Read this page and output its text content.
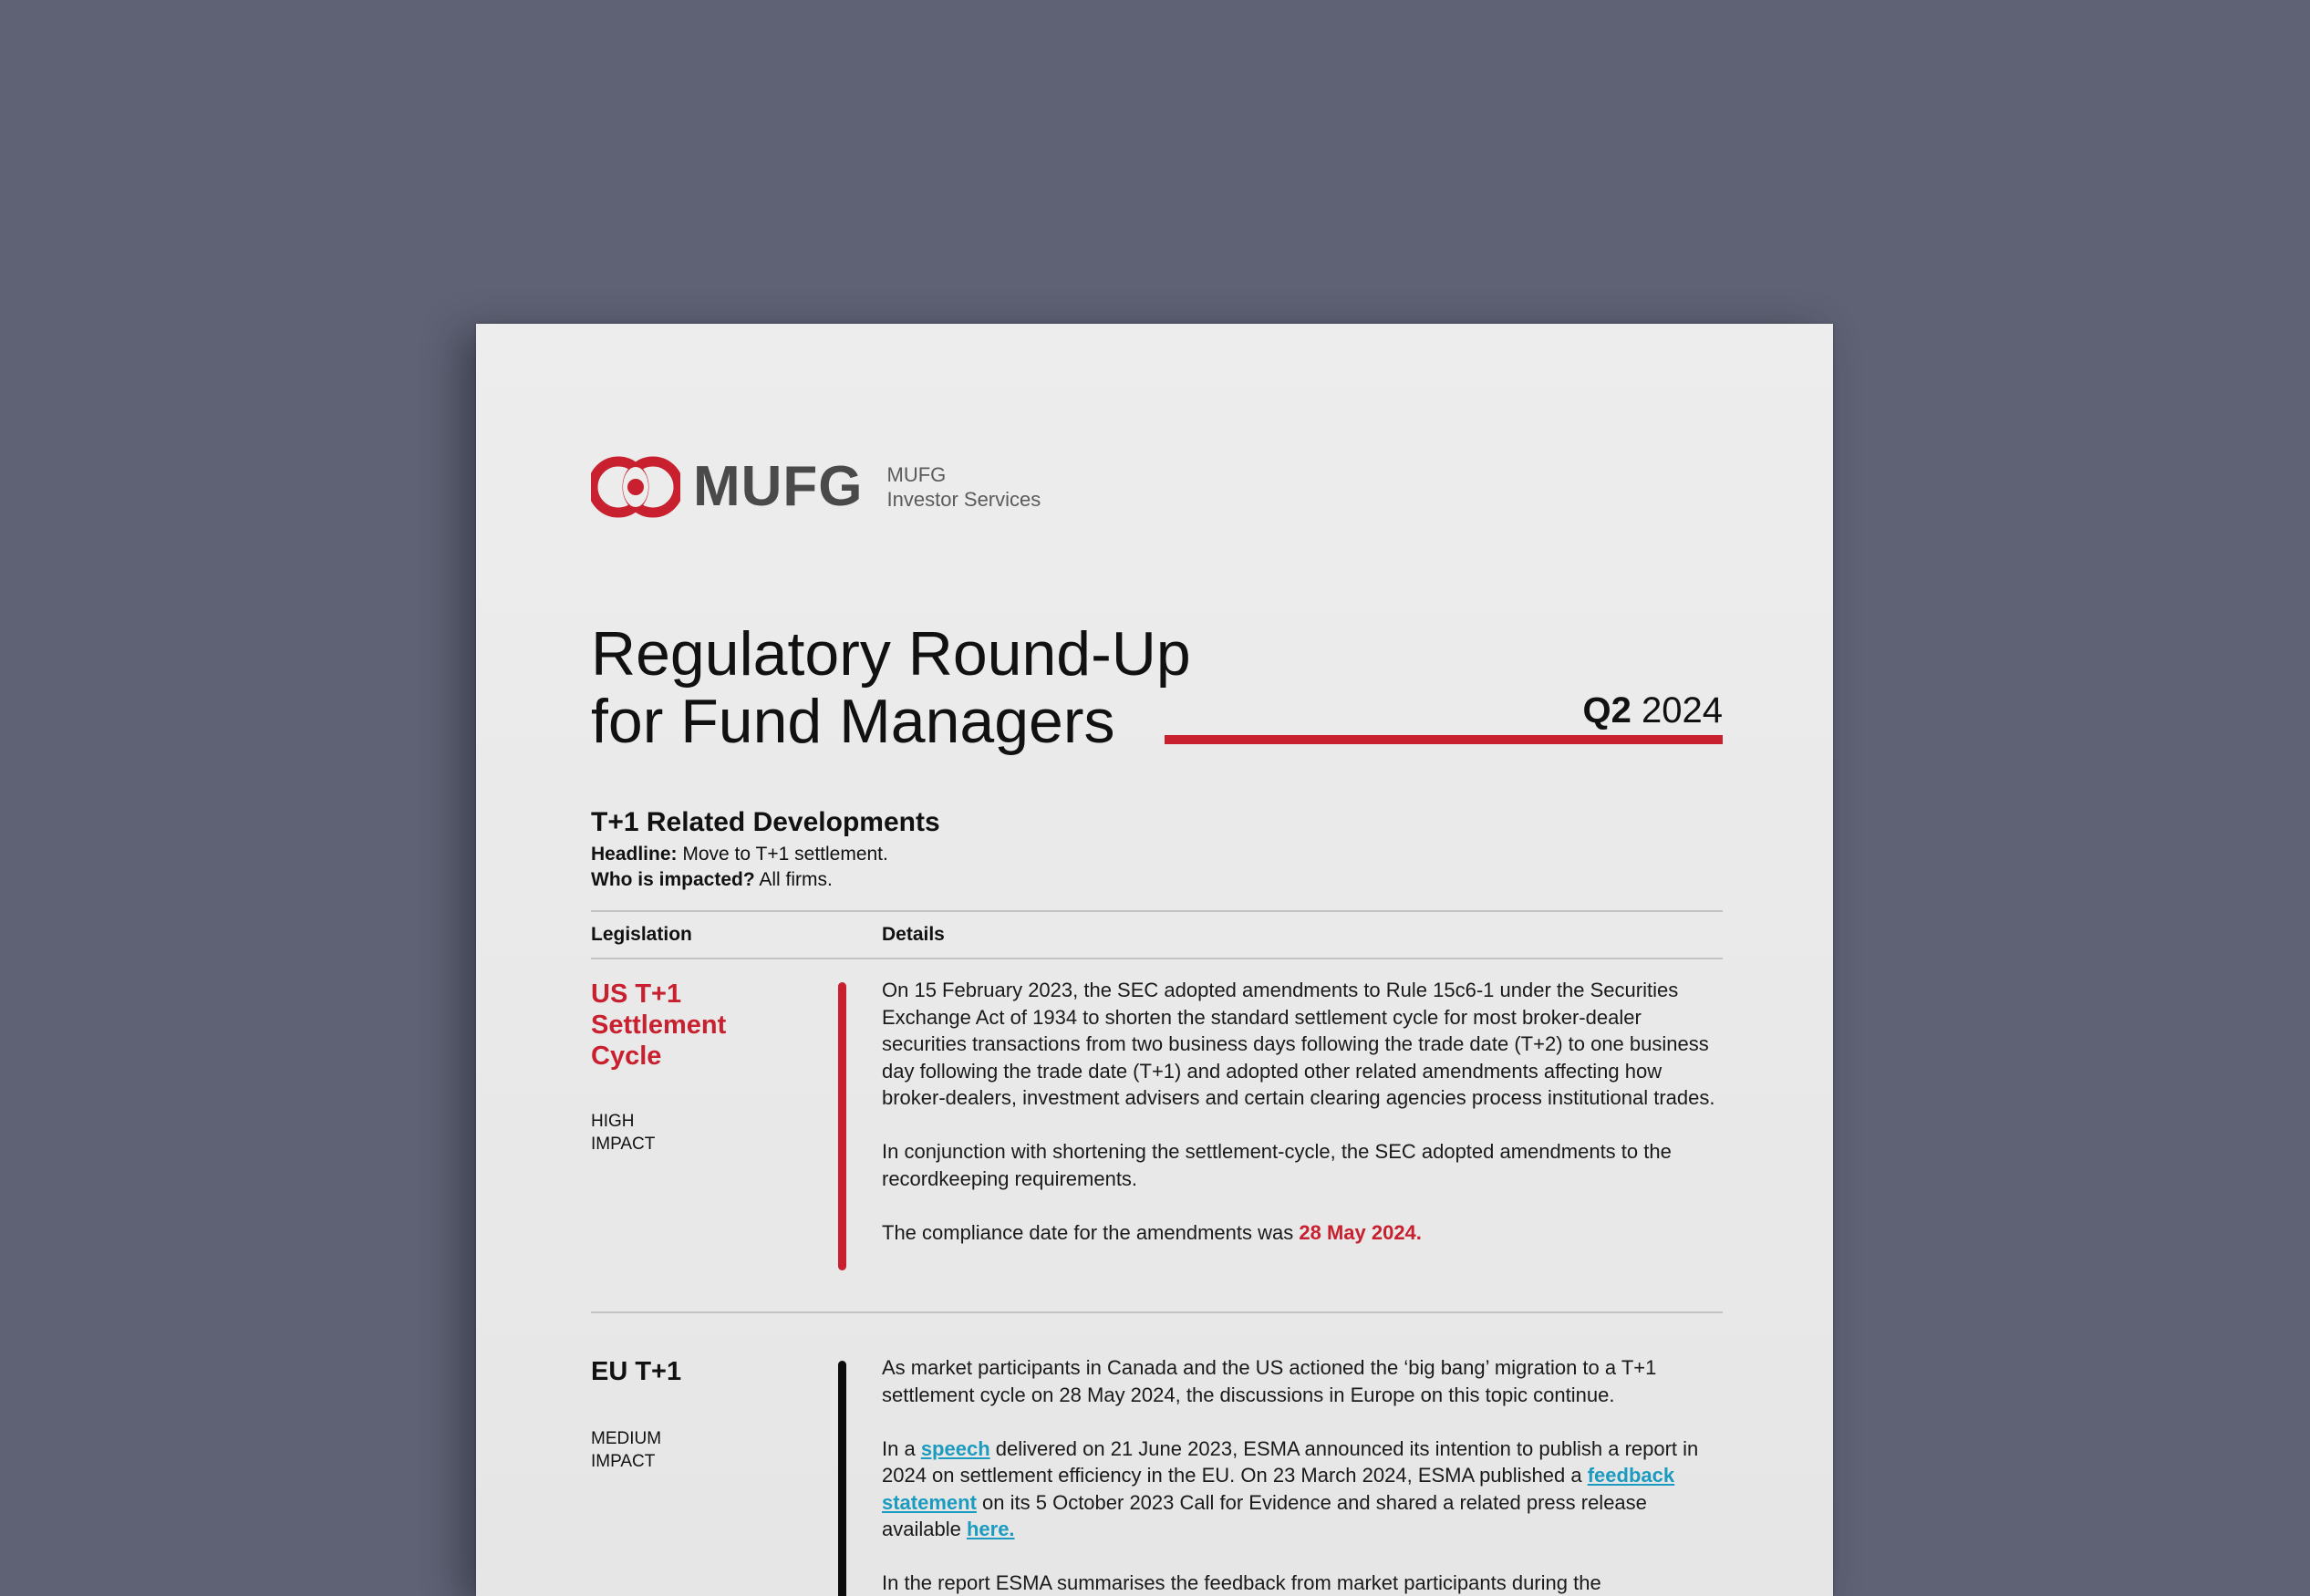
MUFG MUFG
Investor Services
Regulatory Round-Up
for Fund Managers	Q2 2024
T+1 Related Developments
Headline: Move to T+1 settlement.
Who is impacted? All firms.
Legislation	Details
US T+1
Settlement
Cycle
HIGH
IMPACT

On 15 February 2023, the SEC adopted amendments to Rule 15c6-1 under the Securities Exchange Act of 1934 to shorten the standard settlement cycle for most broker-dealer securities transactions from two business days following the trade date (T+2) to one business day following the trade date (T+1) and adopted other related amendments affecting how broker-dealers, investment advisers and certain clearing agencies process institutional trades.

In conjunction with shortening the settlement-cycle, the SEC adopted amendments to the recordkeeping requirements.

The compliance date for the amendments was 28 May 2024.

EU T+1
MEDIUM
IMPACT

As market participants in Canada and the US actioned the ‘big bang’ migration to a T+1 settlement cycle on 28 May 2024, the discussions in Europe on this topic continue.

In a speech delivered on 21 June 2023, ESMA announced its intention to publish a report in 2024 on settlement efficiency in the EU. On 23 March 2024, ESMA published a feedback statement on its 5 October 2023 Call for Evidence and shared a related press release available here.

In the report ESMA summarises the feedback from market participants during the
